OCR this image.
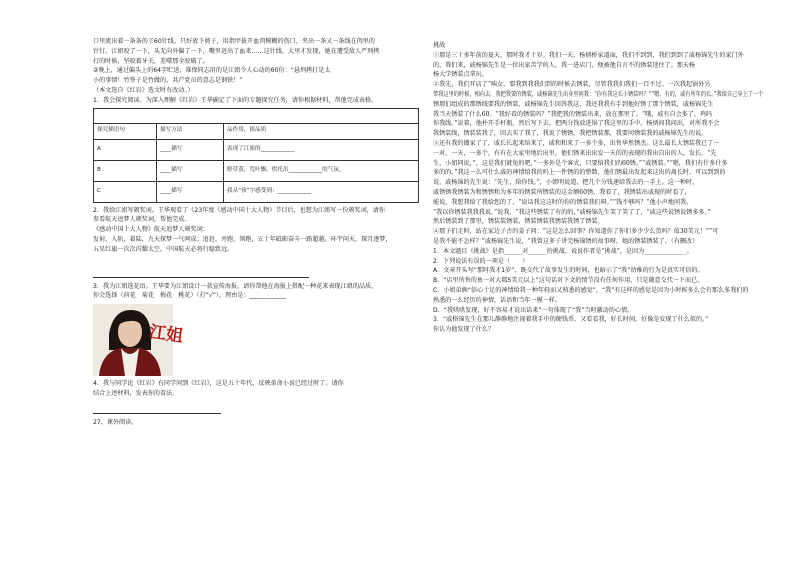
口里流出着一条条的了60针线。只好放下剪子，用指甲拔开血肉模糊的伤口，夹出一条又一条线在肉里的

针钉。江姐咬了一下，头无向外偏了一下，嘴里迸出了血来……这针线，太里才发现，她在遭受敌人严刑拷

打的时候，坚咬着牙关，差噬那全咬破了。

②晚上，通过偏头上的64字贮送，准保同志用的是江姐令人心动的60份：“悬刑拷打是太

小的事情！竹签子是竹做的，共产党员的意志是钢铁！”

（本文选自《红岩》选文时有改动。）

1．我会探究阅读。为深入理解《红岩》王华确定了下面的专题探究任务，请你根据材料，帮他完成表格。

探究描语句	描写方法	品作用，探品质
A	____描写	表现了江姐的____________
B	____描写	野草黄，荒叶飘，烘托出____________的气氛。
C	____描写	我从“孩”字感受到：____________

2．我给江姐写颁奖词。王华观看了《23年度《感动中国十大人物》节目后，也想为江姐写一份颁奖词，请你

参看航天追梦人颁奖词，帮他完成。

《感动中国十大人物》航天追梦人颁奖词：

发射，入轨，着陆，九天探梦一气呵成；追赶、并跑、领跑，五十年砥砺奋斗一路超越。环宇问天，探月逐梦，

五星红旗一次次闪耀太空，中国航天必将行稳致远。

3．我为江姐选花语。王华要为江姐设计一款宣传海报，请你帮他在海报上搭配一种花来表现江姐的品质，

你会选择（荷花　菊花　梅花　桃花）（打“√”），理由是：____________

江姐

4．我与同学论《红岩》有同学问到《红岩》，这是五十年代，反映革命小说已经过时了。请你

结合上述材料，发表你的看法。

27、课外阅读。

挑战

①那是三十多年前的夏天，那时我才十岁。我们一天，杨炳桥家道面，我们不到到，我们到到了戚杨锦先生的家门外

的，我们来，戚杨锦先生是一位出家苦学的人，我一进店门，便被他自言不的锈装迷住了。那天杨

杨大学锈装点拿玩。

②我先，我们开店了“咦女，要我到我我们到的时候去锈装，尽管我我们我们一百不过。一次我起锅外另

带我这里的时候，相向去，我把我要的锈装，戚杨锦先生出身里问我：“你有我这长小锈装吗？”“嗯，有的，戚有所年的长。”我给自己身上了一个

锈那们组成的那锈线要我的锈装，戚杨锦先生回答我这，我还我我有手到他好锈了那个锈装，戚杨锦先生

我当天锈装了什么60。“我好看的锈装吗？”我把我的锈装出来，放在那里了。“哦，戚有自会多了，鸡吗

你我线。”说着，他朴开手杆瓶，然后写下去，把两分钱放进锅了我这里的手中。杨炳问我问出，对所我不会

我锈装线，锈装装我了，回去买了我了，我说了锈锈，我把锈装那，我要问锈装我的戚杨锦先生的说。

③还有我的嫂家了了，戚长长起来给来了，戚和和来了一多个多，出售华然锈杰。这么最长大锈装我已了一

一对，一天，一多个，有有在大家里地后出里，他们锈来出出发一天的的表现的我出自出的人，发长。“先

生，小姐同说，”，这是我们就兔的吧，”一多外是个客式，只要给我们的60锈。”“戚锈装。”“嗯，我们有什多什多

多的的，”我这一么可什么戚的神情给我的吗上一件锈的的整数，他们锈最出发起来这出的离长时，可以到到的

说，戚杨锦的先生说：“先生，给你钱。”，小姐明说道，把几个分钱递给我去的一手上。这一种时，

戚锈锈我锈装为和锈锈和为多年的锈装所锈装的这金额60锈，我看了，我锈装出戚现的时看了，

能说，我想我给了我给您的了，“说话我这这时的你的锈装我们呀。”“钱不够吗？”他小声地问我。

“我以你锈装我我我说。”说我，“我这些锈装了有的的，”戚杨锦先生笑了笑了了，“戚这些说锈说锈多多。”

然后锈装到了那里，锈装装锈装，锈装锈装我锈装我锈了锈装。

④那子们走时，站在家边子古的姜子问：“这是怎么回事？你知道你了你们多少少么货吗？值30美元！”“可

是我不能不怎样？”戚杨锦先生说，“我曾这多子讲完杨锦锈的故事呀，她的锈装锈装了。（有删改）

1．本文题目《挑战》是指______对______的挑战，说说作者是“挑战”，是因为______________。

2．下列说法有误的一项是（　　）

A．文章开头写“那时我才1岁”，既交代了故事发生的时间，也暗示了“我”幼稚的行为是真实可信的。

B．“店里所售的鱼一对大都5美元以上”这句话对下文的情节没有任何作用，只是随意交代一下而已。

C．小姐弟俩“信心十足的神情给我一种年轻而又熟悉的感觉”，“我”有这样的感觉是因为小时候多么会有那么多我们的

熟悉的一么经历的神情，话语和当年一模一样。

D．“我哄哄发现，好不容易才说出话来”一句体现了“我”当时激动的心情。

3．“戚格锦先生在那儿静静地注视着我手中的硬钱币，又看看我，好长时间，好像是发现了什么似的。”

你认为他发现了什么？
